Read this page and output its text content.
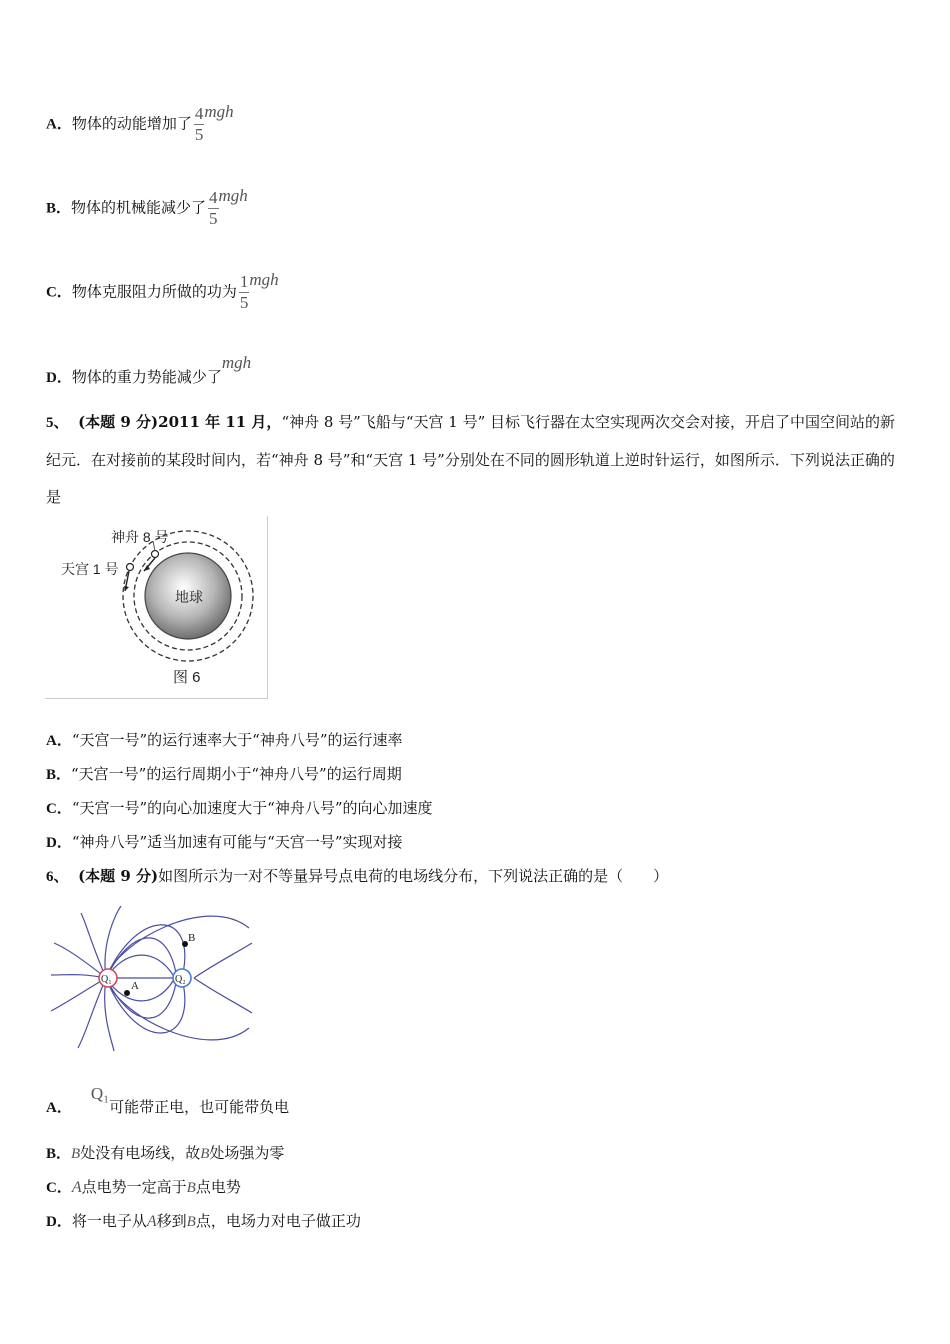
A．物体的动能增加了 $\frac{4}{5}$ mgh
B．物体的机械能减少了 $\frac{4}{5}$ mgh
C．物体克服阻力所做的功为 $\frac{1}{5}$ mgh
D．物体的重力势能减少了mgh
5、 (本题 9 分)2011 年 11 月，“神舟 8 号”飞船与“天宫 1 号” 目标飞行器在太空实现两次交会对接，开启了中国空间站的新纪元．在对接前的某段时间内，若“神舟 8 号”和“天宫 1 号”分别处在不同的圆形轨道上逆时针运行，如图所示．下列说法正确的是
地球
神舟 8 号
天宫 1 号
图 6
A．“天宫一号”的运行速率大于“神舟八号”的运行速率
B．“天宫一号”的运行周期小于“神舟八号”的运行周期
C．“天宫一号”的向心加速度大于“神舟八号”的向心加速度
D．“神舟八号”适当加速有可能与“天宫一号”实现对接
6、 (本题 9 分)如图所示为一对不等量异号点电荷的电场线分布，下列说法正确的是（　　）
Q₁	Q₂
A
B
A．    Q₁可能带正电，也可能带负电
B．B处没有电场线，故B处场强为零
C．A点电势一定高于B点电势
D．将一电子从A移到B点，电场力对电子做正功
